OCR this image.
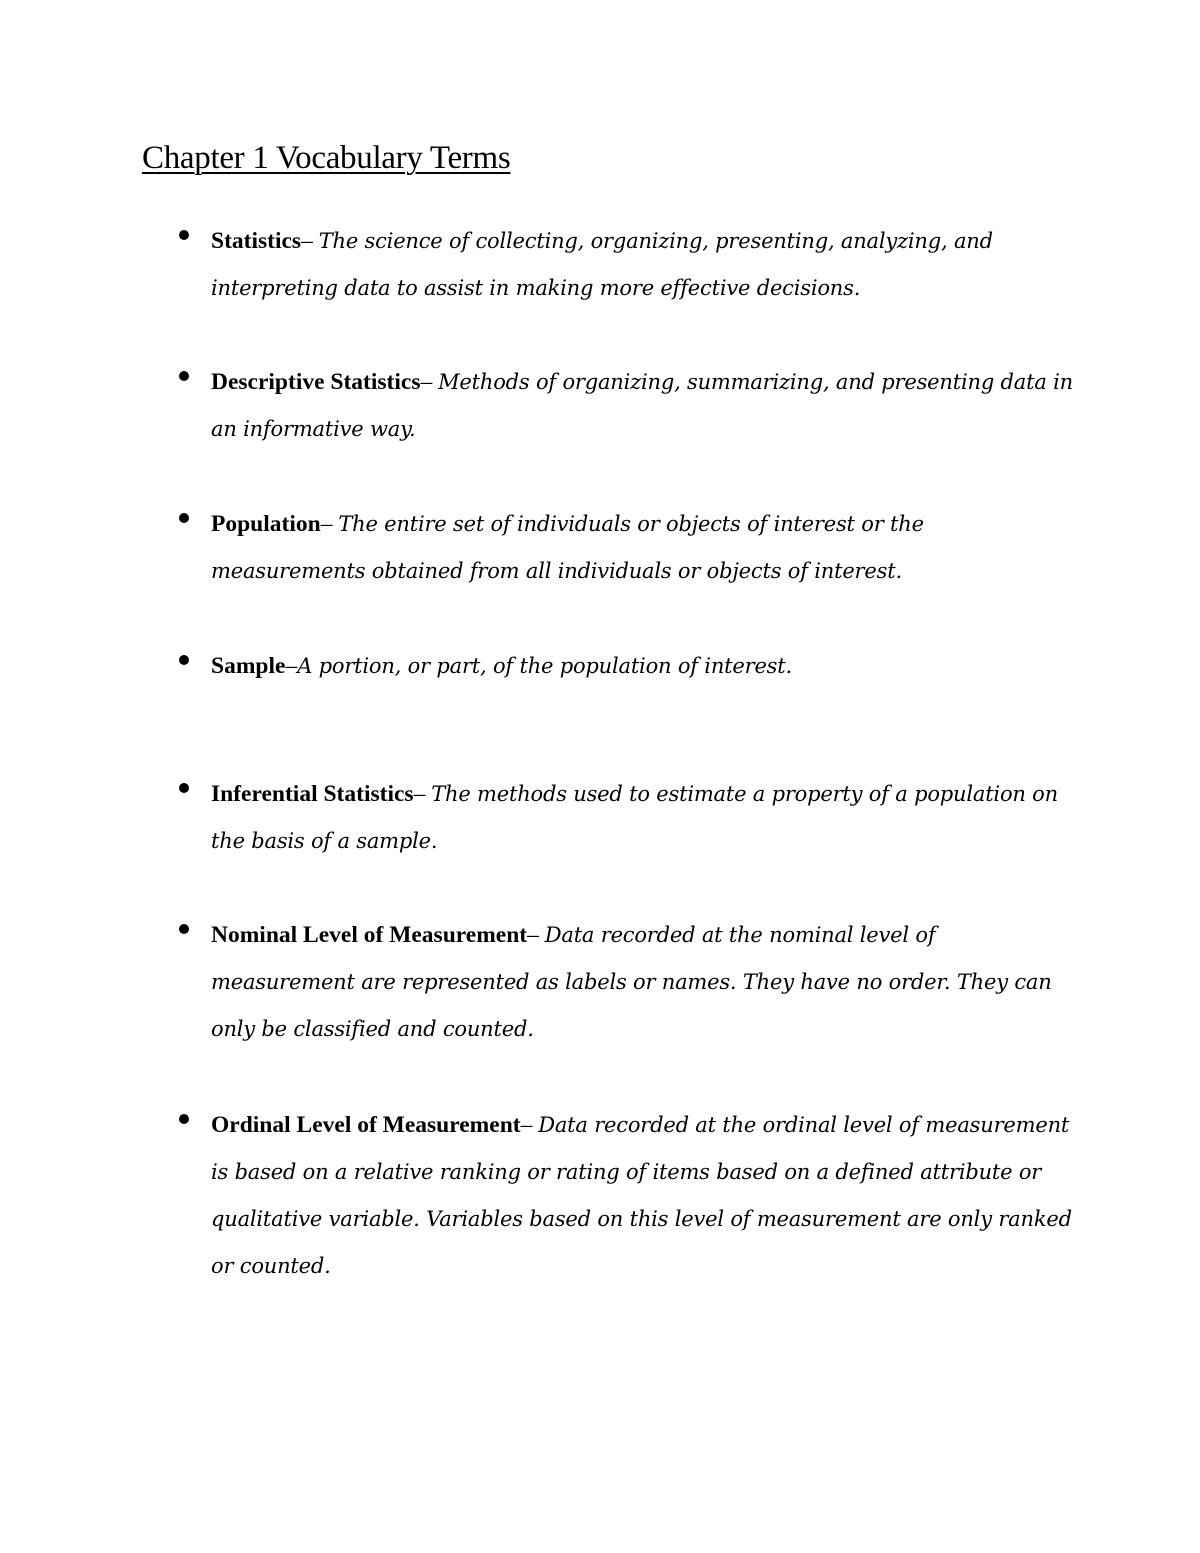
Chapter 1 Vocabulary Terms

Statistics– The science of collecting, organizing, presenting, analyzing, and interpreting data to assist in making more effective decisions.

Descriptive Statistics– Methods of organizing, summarizing, and presenting data in an informative way.

Population– The entire set of individuals or objects of interest or the measurements obtained from all individuals or objects of interest.

Sample–A portion, or part, of the population of interest.

Inferential Statistics– The methods used to estimate a property of a population on the basis of a sample.

Nominal Level of Measurement– Data recorded at the nominal level of measurement are represented as labels or names. They have no order. They can only be classified and counted.

Ordinal Level of Measurement– Data recorded at the ordinal level of measurement is based on a relative ranking or rating of items based on a defined attribute or qualitative variable. Variables based on this level of measurement are only ranked or counted.
